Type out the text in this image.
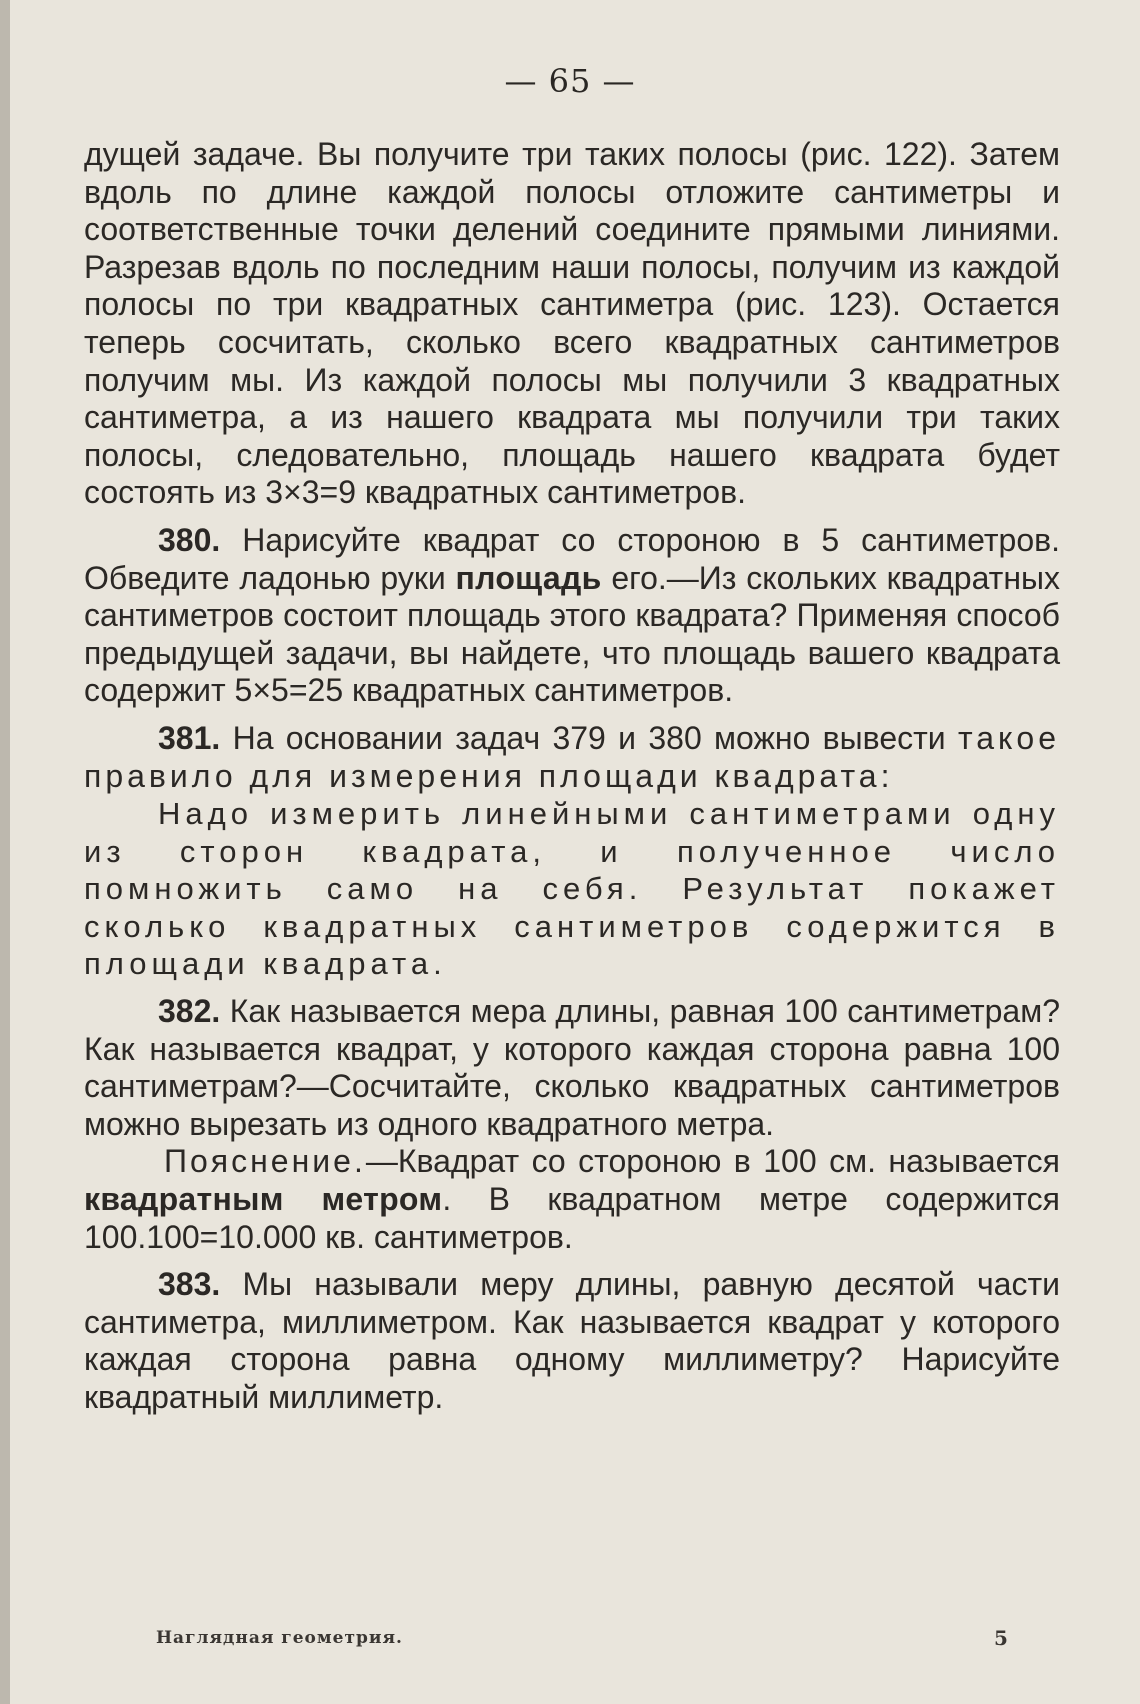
— 65 —

дущей задаче. Вы получите три таких полосы (рис. 122). Затем вдоль по длине каждой полосы отложите сантиметры и соответственные точки делений соедините прямыми линиями. Разрезав вдоль по последним наши полосы, получим из каждой полосы по три квадратных сантиметра (рис. 123). Остается теперь сосчитать, сколько всего квадратных сантиметров получим мы. Из каждой полосы мы получили 3 квадратных сантиметра, а из нашего квадрата мы получили три таких полосы, следовательно, площадь нашего квадрата будет состоять из 3×3=9 квадратных сантиметров.

380. Нарисуйте квадрат со стороною в 5 сантиметров. Обведите ладонью руки площадь его.—Из скольких квадратных сантиметров состоит площадь этого квадрата? Применяя способ предыдущей задачи, вы найдете, что площадь вашего квадрата содержит 5×5=25 квадратных сантиметров.

381. На основании задач 379 и 380 можно вывести такое правило для измерения площади квадрата:

Надо измерить линейными сантиметрами одну из сторон квадрата, и полученное число помножить само на себя. Результат покажет сколько квадратных сантиметров содержится в площади квадрата.

382. Как называется мера длины, равная 100 сантиметрам? Как называется квадрат, у которого каждая сторона равна 100 сантиметрам?—Сосчитайте, сколько квадратных сантиметров можно вырезать из одного квадратного метра.

Пояснение.—Квадрат со стороною в 100 см. называется квадратным метром. В квадратном метре содержится 100.100=10.000 кв. сантиметров.

383. Мы называли меру длины, равную десятой части сантиметра, миллиметром. Как называется квадрат у которого каждая сторона равна одному миллиметру? Нарисуйте квадратный миллиметр.

Наглядная геометрия.	5
